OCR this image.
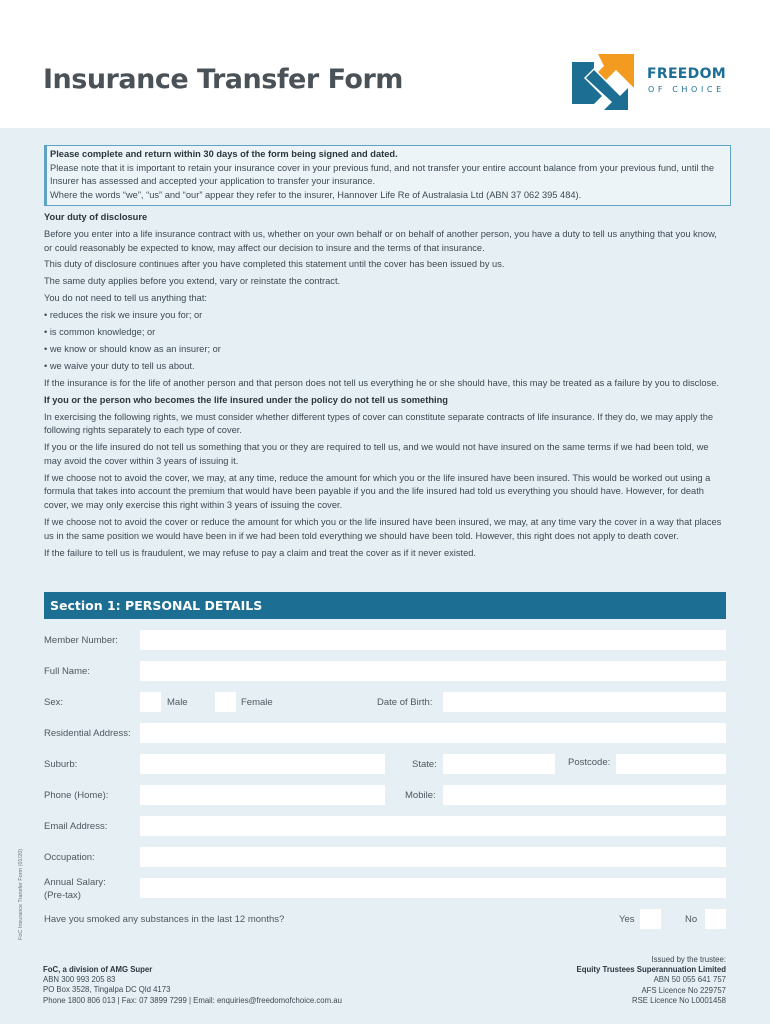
Insurance Transfer Form	FREEDOM
OF CHOICE
Please complete and return within 30 days of the form being signed and dated.
Please note that it is important to retain your insurance cover in your previous fund, and not transfer your entire account balance from your previous fund, until the Insurer has assessed and accepted your application to transfer your insurance.
Where the words “we”, “us” and “our” appear they refer to the insurer, Hannover Life Re of Australasia Ltd (ABN 37 062 395 484).

Your duty of disclosure

Before you enter into a life insurance contract with us, whether on your own behalf or on behalf of another person, you have a duty to tell us anything that you know, or could reasonably be expected to know, may affect our decision to insure and the terms of that insurance.

This duty of disclosure continues after you have completed this statement until the cover has been issued by us.

The same duty applies before you extend, vary or reinstate the contract.

You do not need to tell us anything that:

• reduces the risk we insure you for; or

• is common knowledge; or

• we know or should know as an insurer; or

• we waive your duty to tell us about.

If the insurance is for the life of another person and that person does not tell us everything he or she should have, this may be treated as a failure by you to disclose.

If you or the person who becomes the life insured under the policy do not tell us something

In exercising the following rights, we must consider whether different types of cover can constitute separate contracts of life insurance. If they do, we may apply the following rights separately to each type of cover.

If you or the life insured do not tell us something that you or they are required to tell us, and we would not have insured on the same terms if we had been told, we may avoid the cover within 3 years of issuing it.

If we choose not to avoid the cover, we may, at any time, reduce the amount for which you or the life insured have been insured. This would be worked out using a formula that takes into account the premium that would have been payable if you and the life insured had told us everything you should have. However, for death cover, we may only exercise this right within 3 years of issuing the cover.

If we choose not to avoid the cover or reduce the amount for which you or the life insured have been insured, we may, at any time vary the cover in a way that places us in the same position we would have been in if we had been told everything we should have been told. However, this right does not apply to death cover.

If the failure to tell us is fraudulent, we may refuse to pay a claim and treat the cover as if it never existed.

Section 1: PERSONAL DETAILS
Member Number:
Full Name:
Sex:	Male	Female	Date of Birth:
Residential Address:
Suburb:	State:	Postcode:
Phone (Home):	Mobile:
Email Address:
Occupation:
Annual Salary:
(Pre-tax)
Have you smoked any substances in the last 12 months?	Yes	No
FoC Insurance Transfer Form (01/20)
FoC, a division of AMG Super
ABN 300 993 205 83
PO Box 3528, Tingalpa DC Qld 4173
Phone 1800 806 013 | Fax: 07 3899 7299 | Email: enquiries@freedomofchoice.com.au
Issued by the trustee:
Equity Trustees Superannuation Limited
ABN 50 055 641 757
AFS Licence No 229757
RSE Licence No L0001458
